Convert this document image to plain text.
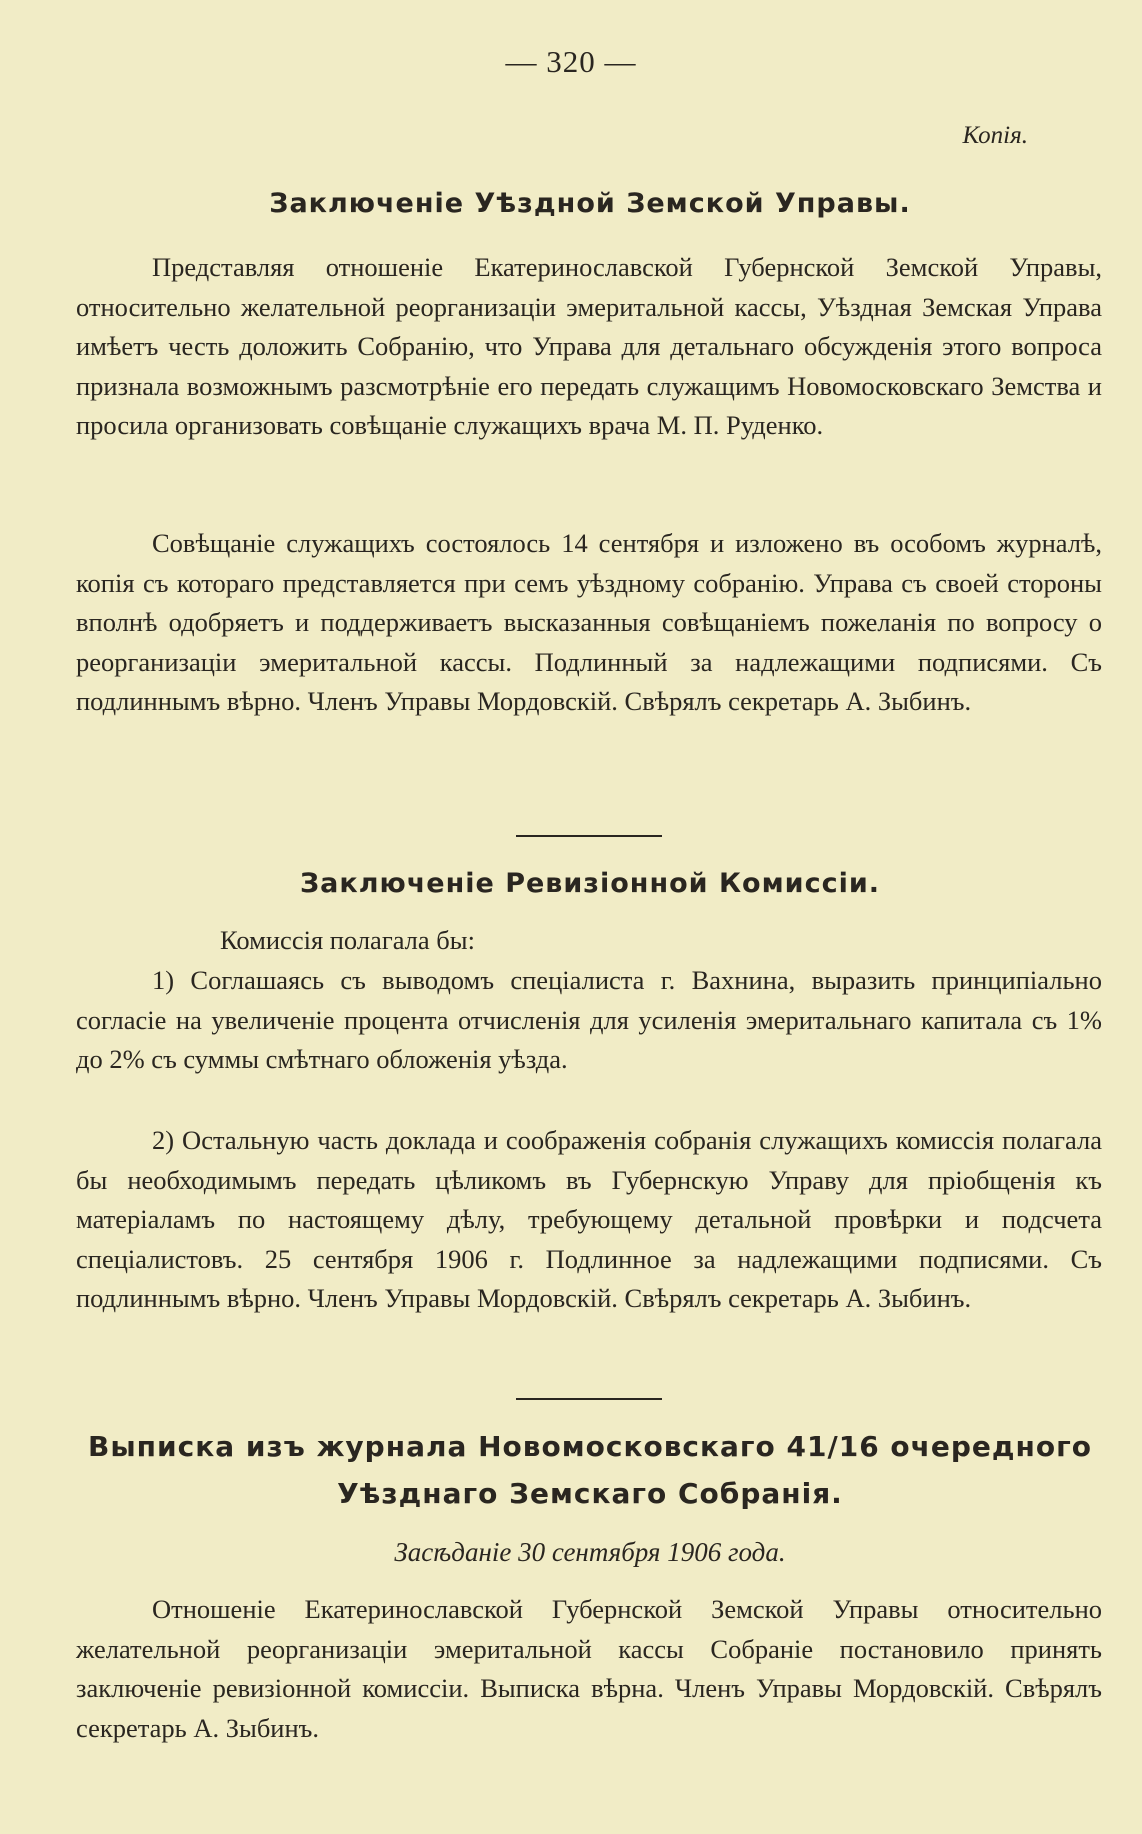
— 320 —
Копія.
Заключеніе Уѣздной Земской Управы.

Представляя отношеніе Екатеринославской Губернской Земской Управы, относительно желательной реорганизаціи эмеритальной кассы, Уѣздная Земская Управа имѣетъ честь доложить Собранію, что Управа для детальнаго обсужденія этого вопроса признала возможнымъ разсмотрѣніе его передать служащимъ Новомосковскаго Земства и просила организовать совѣщаніе служащихъ врача М. П. Руденко.

Совѣщаніе служащихъ состоялось 14 сентября и изложено въ особомъ журналѣ, копія съ котораго представляется при семъ уѣздному собранію. Управа съ своей стороны вполнѣ одобряетъ и поддерживаетъ высказанныя совѣщаніемъ пожеланія по вопросу о реорганизаціи эмеритальной кассы. Подлинный за надлежащими подписями. Съ подлиннымъ вѣрно. Членъ Управы Мордовскій. Свѣрялъ секретарь А. Зыбинъ.

Заключеніе Ревизіонной Комиссіи.

Комиссія полагала бы:

1) Соглашаясь съ выводомъ спеціалиста г. Вахнина, выразить принципіально согласіе на увеличеніе процента отчисленія для усиленія эмеритальнаго капитала съ 1% до 2% съ суммы смѣтнаго обложенія уѣзда.

2) Остальную часть доклада и соображенія собранія служащихъ комиссія полагала бы необходимымъ передать цѣликомъ въ Губернскую Управу для пріобщенія къ матеріаламъ по настоящему дѣлу, требующему детальной провѣрки и подсчета спеціалистовъ. 25 сентября 1906 г. Подлинное за надлежащими подписями. Съ подлиннымъ вѣрно. Членъ Управы Мордовскій. Свѣрялъ секретарь А. Зыбинъ.

Выписка изъ журнала Новомосковскаго 41/16 очередного
Уѣзднаго Земскаго Собранія.
Засѣданіе 30 сентября 1906 года.

Отношеніе Екатеринославской Губернской Земской Управы относительно желательной реорганизаціи эмеритальной кассы Собраніе постановило принять заключеніе ревизіонной комиссіи. Выписка вѣрна. Членъ Управы Мордовскій. Свѣрялъ секретарь А. Зыбинъ.
